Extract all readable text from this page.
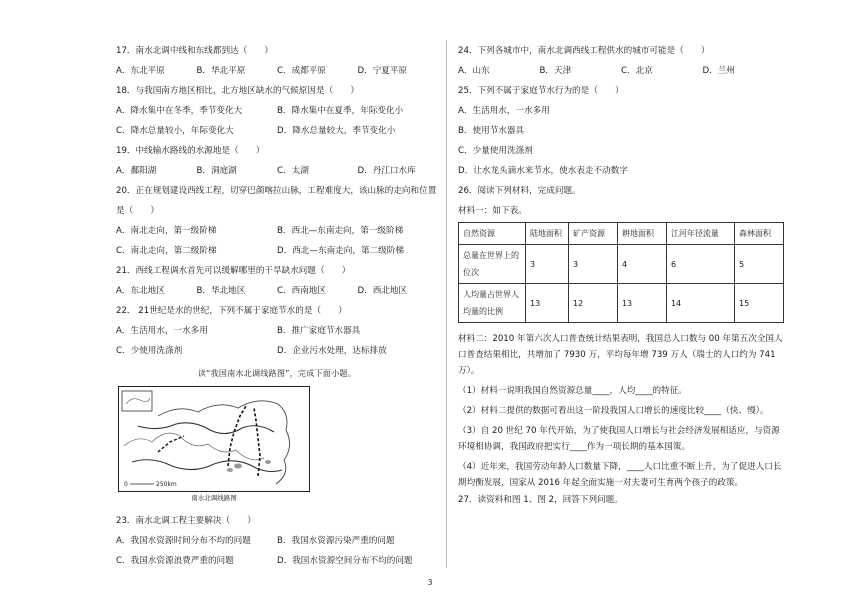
17．南水北调中线和东线都到达（　　）
A．东北平原	B．华北平原	C．成都平原	D．宁夏平原
18．与我国南方地区相比，北方地区缺水的气候原因是（　　）
A．降水集中在冬季，季节变化大	B．降水集中在夏季，年际变化小
C．降水总量较小，年际变化大	D．降水总量较大，季节变化小
19．中线输水路线的水源地是（　　）
A．鄱阳湖	B．洞庭湖	C．太湖	D．丹江口水库
20．正在规划建设西线工程，切穿巴颜喀拉山脉，工程难度大，该山脉的走向和位置
是（　　）
A．南北走向，第一级阶梯	B．西北—东南走向，第一级阶梯
C．南北走向，第二级阶梯	D．西北—东南走向，第二级阶梯
21．西线工程调水首先可以缓解哪里的干旱缺水问题（　　）
A．东北地区	B．华北地区	C．西南地区	D．西北地区
22． 21世纪是水的世纪，下列不属于家庭节水的是（　　）
A．生活用水，一水多用	B．推广家庭节水器具
C．少使用洗涤剂	D．企业污水处理，达标排放
读“我国南水北调线路图”，完成下面小题。
0	250km
南水北调线路图
23．南水北调工程主要解决（　　）
A．我国水资源时间分布不均的问题	B．我国水资源污染严重的问题
C．我国水资源浪费严重的问题	D．我国水资源空间分布不均的问题
24．下列各城市中，南水北调西线工程供水的城市可能是（　　）
A．山东	B．天津	C．北京	D．兰州
25．下列不属于家庭节水行为的是（　　）
A．生活用水，一水多用
B．使用节水器具
C．少量使用洗涤剂
D．让水龙头滴水来节水，使水表走不动数字
26．阅读下列材料，完成问题。
材料一：如下表。
自然资源	陆地面积	矿产资源	耕地面积	江河年径流量	森林面积
总量在世界上的位次	3	3	4	6	5
人均量占世界人均量的比例	13	12	13	14	15
材料二：2010 年第六次人口普查统计结果表明，我国总人口数与 00 年第五次全国人口普查结果相比，共增加了 7930 万，平均每年增 739 万人（瑞士的人口约为 741 万）。
（1）材料一说明我国自然资源总量____，人均____的特征。
（2）材料二提供的数据可看出这一阶段我国人口增长的速度比较____（快、慢）。
（3）自 20 世纪 70 年代开始，为了使我国人口增长与社会经济发展相适应，与资源环境相协调，我国政府把实行____作为一项长期的基本国策。
（4）近年来，我国劳动年龄人口数量下降，____人口比重不断上升，为了促进人口长期均衡发展，国家从 2016 年起全面实施一对夫妻可生育两个孩子的政策。
27．读资料和图 1、图 2，回答下列问题。
3
